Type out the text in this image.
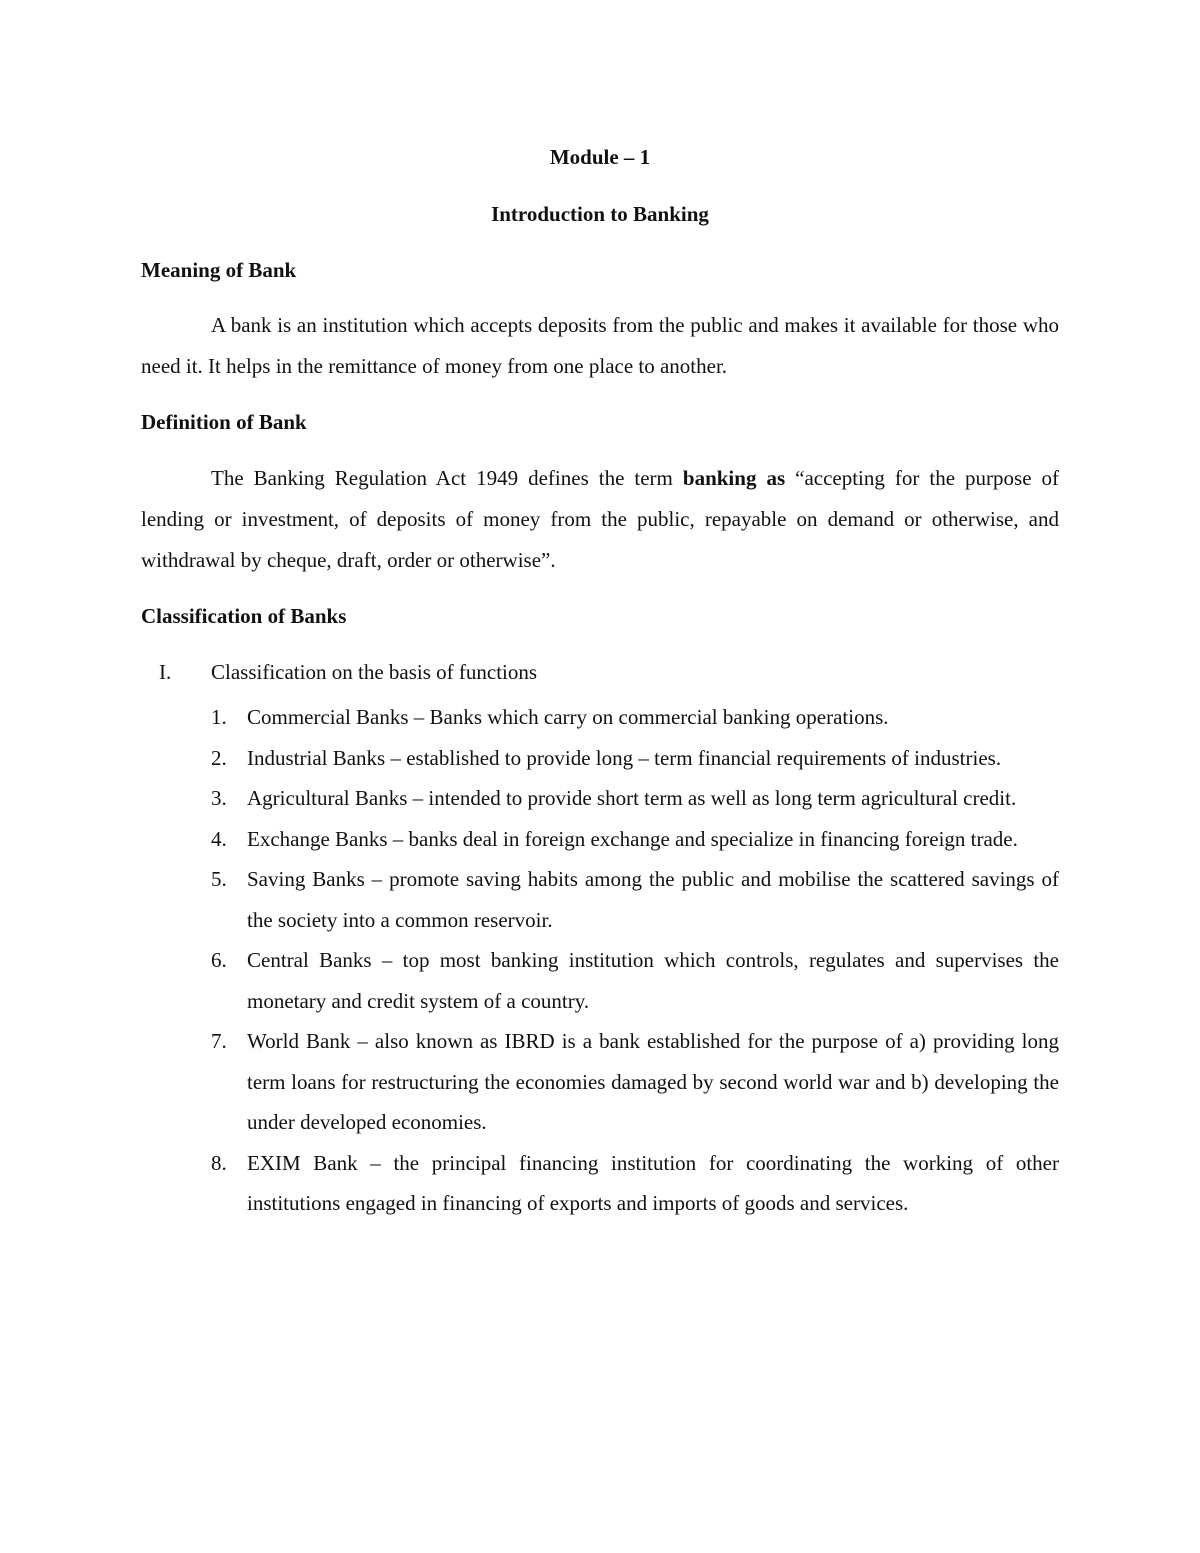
Module – 1
Introduction to Banking
Meaning of Bank
A bank is an institution which accepts deposits from the public and makes it available for those who need it. It helps in the remittance of money from one place to another.
Definition of Bank
The Banking Regulation Act 1949 defines the term banking as “accepting for the purpose of lending or investment, of deposits of money from the public, repayable on demand or otherwise, and withdrawal by cheque, draft, order or otherwise”.
Classification of Banks
I. Classification on the basis of functions
1. Commercial Banks – Banks which carry on commercial banking operations.
2. Industrial Banks – established to provide long – term financial requirements of industries.
3. Agricultural Banks – intended to provide short term as well as long term agricultural credit.
4. Exchange Banks – banks deal in foreign exchange and specialize in financing foreign trade.
5. Saving Banks – promote saving habits among the public and mobilise the scattered savings of the society into a common reservoir.
6. Central Banks – top most banking institution which controls, regulates and supervises the monetary and credit system of a country.
7. World Bank – also known as IBRD is a bank established for the purpose of a) providing long term loans for restructuring the economies damaged by second world war and b) developing the under developed economies.
8. EXIM Bank – the principal financing institution for coordinating the working of other institutions engaged in financing of exports and imports of goods and services.
